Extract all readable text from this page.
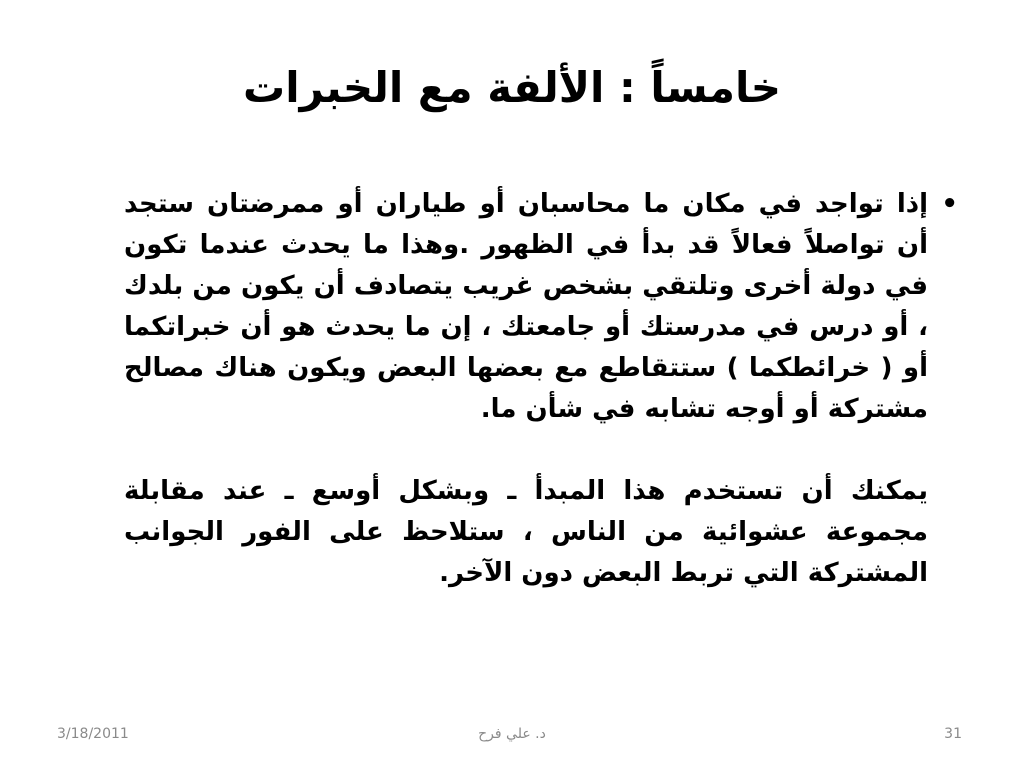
خامساً : الألفة مع الخبرات
•
إذا تواجد في مكان ما محاسبان أو طياران أو ممرضتان ستجد أن تواصلاً فعالاً قد بدأ في الظهور .وهذا ما يحدث عندما تكون في دولة أخرى وتلتقي بشخص غريب يتصادف أن يكون من بلدك ، أو درس في مدرستك أو جامعتك ، إن ما يحدث هو أن خبراتكما أو ( خرائطكما ) ستتقاطع مع بعضها البعض ويكون هناك مصالح مشتركة أو أوجه تشابه في شأن ما.
يمكنك أن تستخدم هذا المبدأ ـ وبشكل أوسع ـ عند مقابلة مجموعة عشوائية من الناس ، ستلاحظ على الفور الجوانب المشتركة التي تربط البعض دون الآخر.
3/18/2011	د. علي فرح	31
